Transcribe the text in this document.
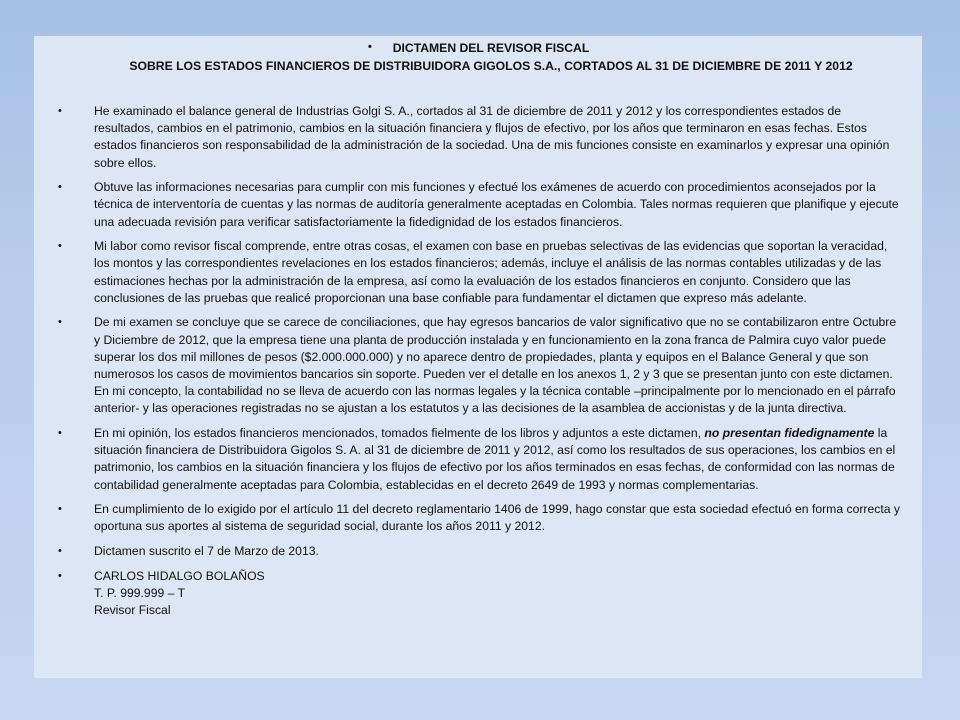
• DICTAMEN DEL REVISOR FISCAL
SOBRE LOS ESTADOS FINANCIEROS DE DISTRIBUIDORA GIGOLOS S.A., CORTADOS AL 31 DE DICIEMBRE DE 2011 Y 2012
•	He examinado el balance general de Industrias Golgi S. A., cortados al 31 de diciembre de 2011 y 2012 y los correspondientes estados de resultados, cambios en el patrimonio, cambios en la situación financiera y flujos de efectivo, por los años que terminaron en esas fechas. Estos estados financieros son responsabilidad de la administración de la sociedad. Una de mis funciones consiste en examinarlos y expresar una opinión sobre ellos.
•	Obtuve las informaciones necesarias para cumplir con mis funciones y efectué los exámenes de acuerdo con procedimientos aconsejados por la técnica de interventoría de cuentas y las normas de auditoría generalmente aceptadas en Colombia. Tales normas requieren que planifique y ejecute una adecuada revisión para verificar satisfactoriamente la fidedignidad de los estados financieros.
•	Mi labor como revisor fiscal comprende, entre otras cosas, el examen con base en pruebas selectivas de las evidencias que soportan la veracidad, los montos y las correspondientes revelaciones en los estados financieros; además, incluye el análisis de las normas contables utilizadas y de las estimaciones hechas por la administración de la empresa, así como la evaluación de los estados financieros en conjunto. Considero que las conclusiones de las pruebas que realicé proporcionan una base confiable para fundamentar el dictamen que expreso más adelante.
•	De mi examen se concluye que se carece de conciliaciones, que hay egresos bancarios de valor significativo que no se contabilizaron entre Octubre y Diciembre de 2012, que la empresa tiene una planta de producción instalada y en funcionamiento en la zona franca de Palmira cuyo valor puede superar los dos mil millones de pesos ($2.000.000.000) y no aparece dentro de propiedades, planta y equipos en el Balance General y que son numerosos los casos de movimientos bancarios sin soporte. Pueden ver el detalle en los anexos 1, 2 y 3 que se presentan junto con este dictamen.
En mi concepto, la contabilidad no se lleva de acuerdo con las normas legales y la técnica contable –principalmente por lo mencionado en el párrafo anterior- y las operaciones registradas no se ajustan a los estatutos y a las decisiones de la asamblea de accionistas y de la junta directiva.
•	En mi opinión, los estados financieros mencionados, tomados fielmente de los libros y adjuntos a este dictamen, no presentan fidedignamente la situación financiera de Distribuidora Gigolos S. A. al 31 de diciembre de 2011 y 2012, así como los resultados de sus operaciones, los cambios en el patrimonio, los cambios en la situación financiera y los flujos de efectivo por los años terminados en esas fechas, de conformidad con las normas de contabilidad generalmente aceptadas para Colombia, establecidas en el decreto 2649 de 1993 y normas complementarias.
•	En cumplimiento de lo exigido por el artículo 11 del decreto reglamentario 1406 de 1999, hago constar que esta sociedad efectuó en forma correcta y oportuna sus aportes al sistema de seguridad social, durante los años 2011 y 2012.
•	Dictamen suscrito el 7 de Marzo de 2013.
•	CARLOS HIDALGO BOLAÑOS
T. P. 999.999 – T
Revisor Fiscal
